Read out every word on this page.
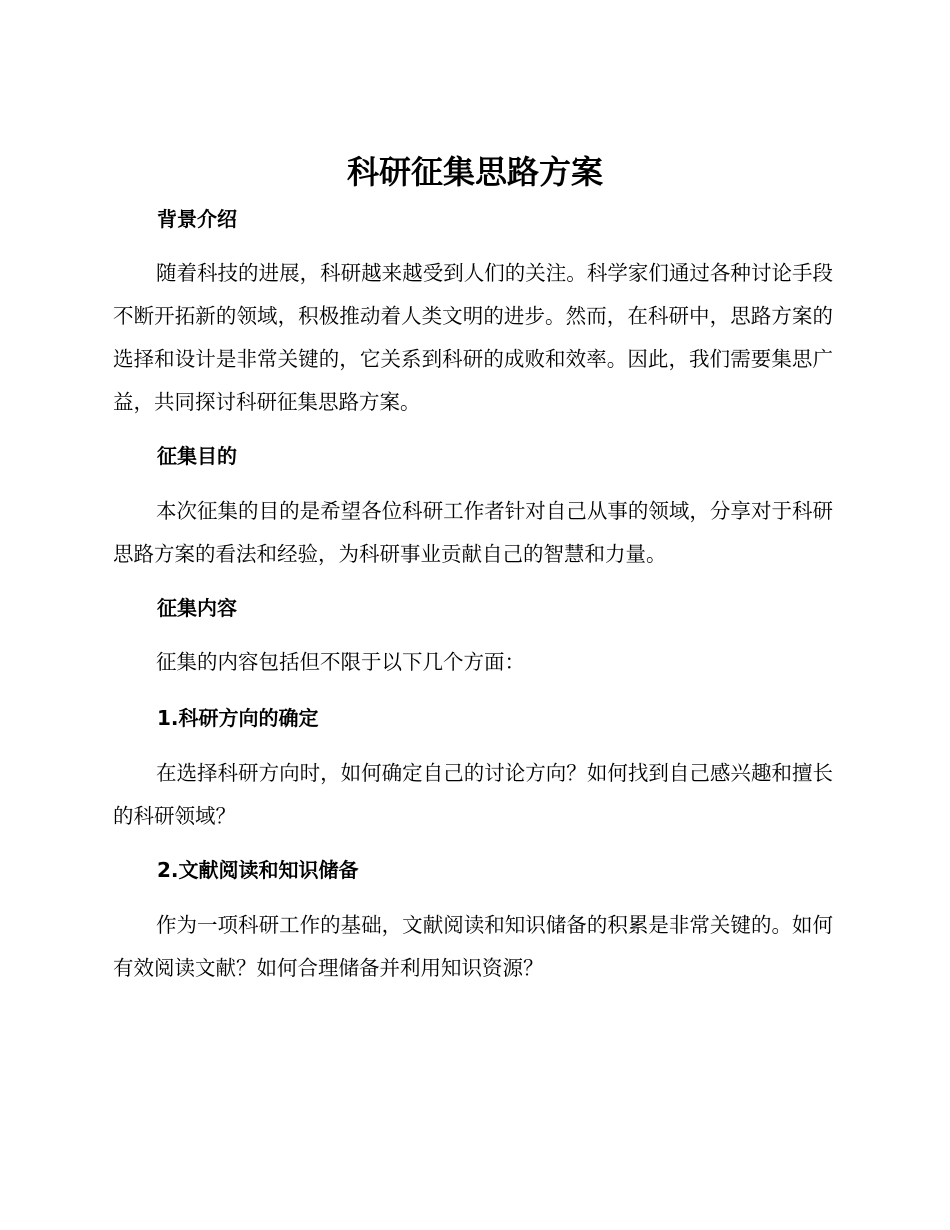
科研征集思路方案
背景介绍

随着科技的进展，科研越来越受到人们的关注。科学家们通过各种讨论手段不断开拓新的领域，积极推动着人类文明的进步。然而，在科研中，思路方案的选择和设计是非常关键的，它关系到科研的成败和效率。因此，我们需要集思广益，共同探讨科研征集思路方案。

征集目的

本次征集的目的是希望各位科研工作者针对自己从事的领域，分享对于科研思路方案的看法和经验，为科研事业贡献自己的智慧和力量。

征集内容

征集的内容包括但不限于以下几个方面：

1.科研方向的确定

在选择科研方向时，如何确定自己的讨论方向？如何找到自己感兴趣和擅长的科研领域？

2.文献阅读和知识储备

作为一项科研工作的基础，文献阅读和知识储备的积累是非常关键的。如何有效阅读文献？如何合理储备并利用知识资源？
